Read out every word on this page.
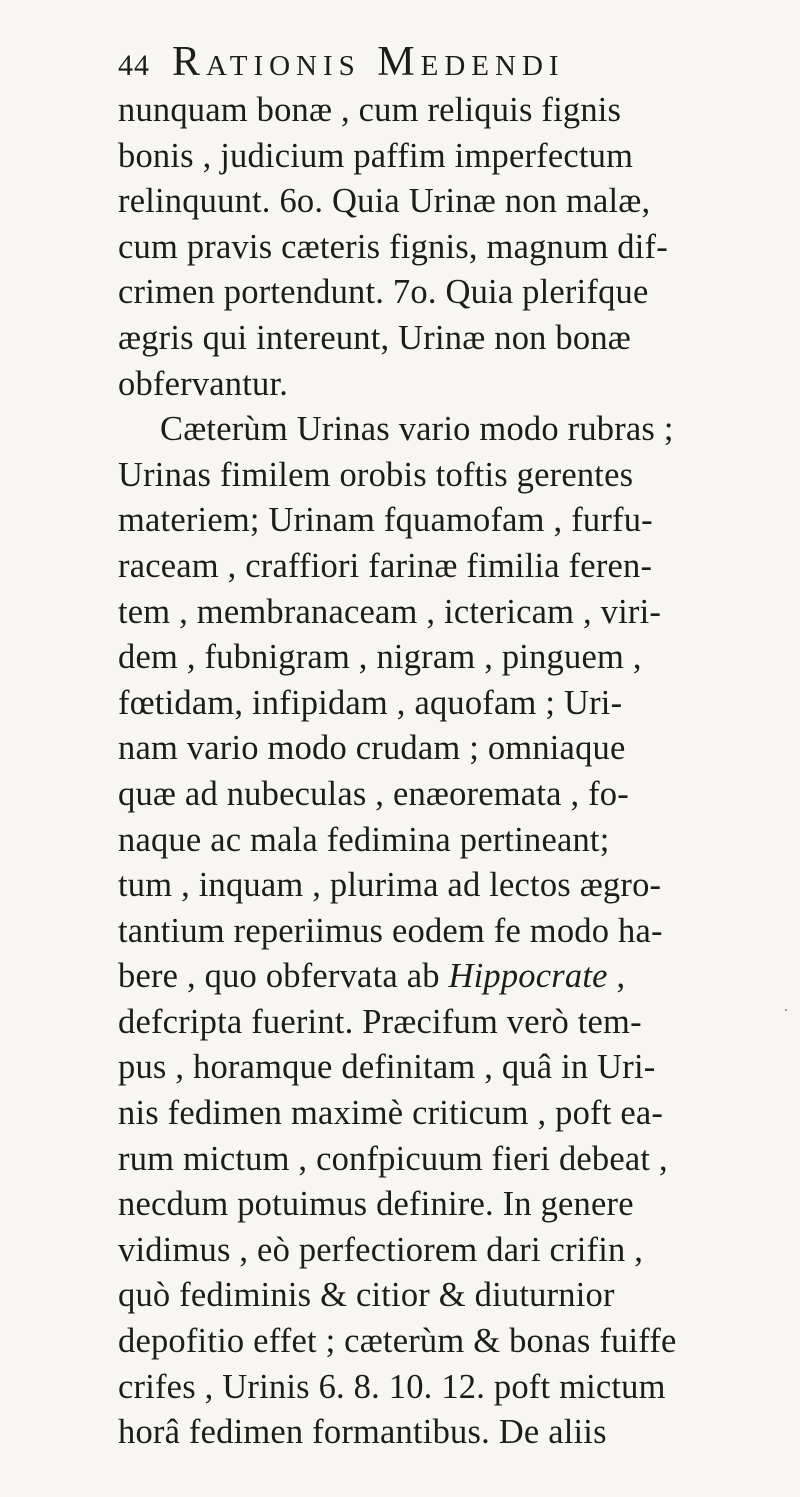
44 Rationis Medendi
nunquam bonæ , cum reliquis fignis
bonis , judicium paffim imperfectum
relinquunt. 6o. Quia Urinæ non malæ,
cum pravis cæteris fignis, magnum dif-
crimen portendunt. 7o. Quia plerifque
ægris qui intereunt, Urinæ non bonæ
obfervantur.
Cæterùm Urinas vario modo rubras ;
Urinas fimilem orobis toftis gerentes
materiem; Urinam fquamofam , furfu-
raceam , craffiori farinæ fimilia feren-
tem , membranaceam , ictericam , viri-
dem , fubnigram , nigram , pinguem ,
fœtidam, infipidam , aquofam ; Uri-
nam vario modo crudam ; omniaque
quæ ad nubeculas , enæoremata , fo-
naque ac mala fedimina pertineant;
tum , inquam , plurima ad lectos ægro-
tantium reperiimus eodem fe modo ha-
bere , quo obfervata ab Hippocrate ,
defcripta fuerint. Præcifum verò tem-
pus , horamque definitam , quâ in Uri-
nis fedimen maximè criticum , poft ea-
rum mictum , confpicuum fieri debeat ,
necdum potuimus definire. In genere
vidimus , eò perfectiorem dari crifin ,
quò fediminis & citior & diuturnior
depofitio effet ; cæterùm & bonas fuiffe
crifes , Urinis 6. 8. 10. 12. poft mictum
horâ fedimen formantibus. De aliis
˙
